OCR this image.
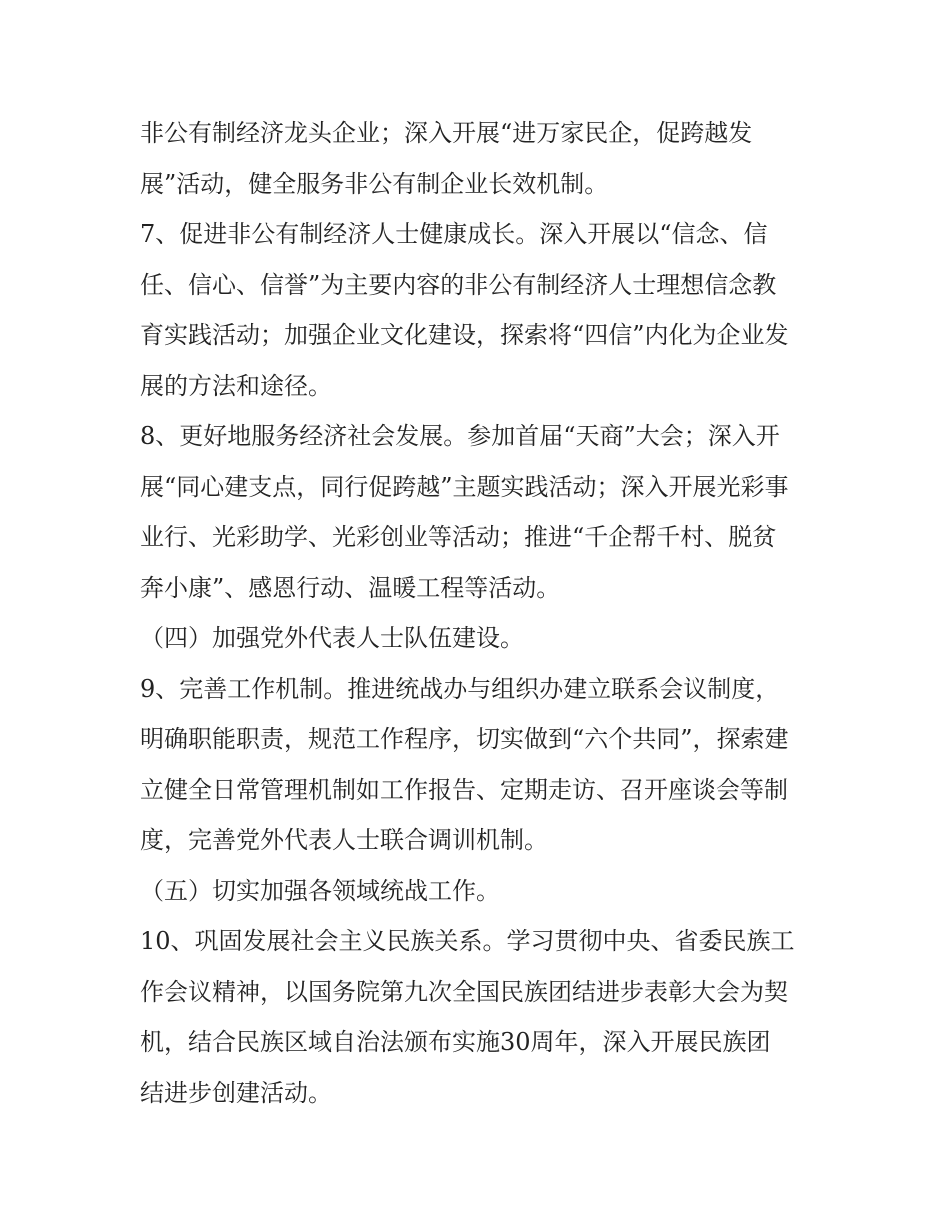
非公有制经济龙头企业；深入开展“进万家民企，促跨越发
展”活动，健全服务非公有制企业长效机制。

7、促进非公有制经济人士健康成长。深入开展以“信念、信
任、信心、信誉”为主要内容的非公有制经济人士理想信念教
育实践活动；加强企业文化建设，探索将“四信”内化为企业发
展的方法和途径。

8、更好地服务经济社会发展。参加首届“天商”大会；深入开
展“同心建支点，同行促跨越”主题实践活动；深入开展光彩事
业行、光彩助学、光彩创业等活动；推进“千企帮千村、脱贫
奔小康”、感恩行动、温暖工程等活动。

（四）加强党外代表人士队伍建设。

9、完善工作机制。推进统战办与组织办建立联系会议制度，
明确职能职责，规范工作程序，切实做到“六个共同”，探索建
立健全日常管理机制如工作报告、定期走访、召开座谈会等制
度，完善党外代表人士联合调训机制。

（五）切实加强各领域统战工作。

10、巩固发展社会主义民族关系。学习贯彻中央、省委民族工
作会议精神，以国务院第九次全国民族团结进步表彰大会为契
机，结合民族区域自治法颁布实施30周年，深入开展民族团
结进步创建活动。
